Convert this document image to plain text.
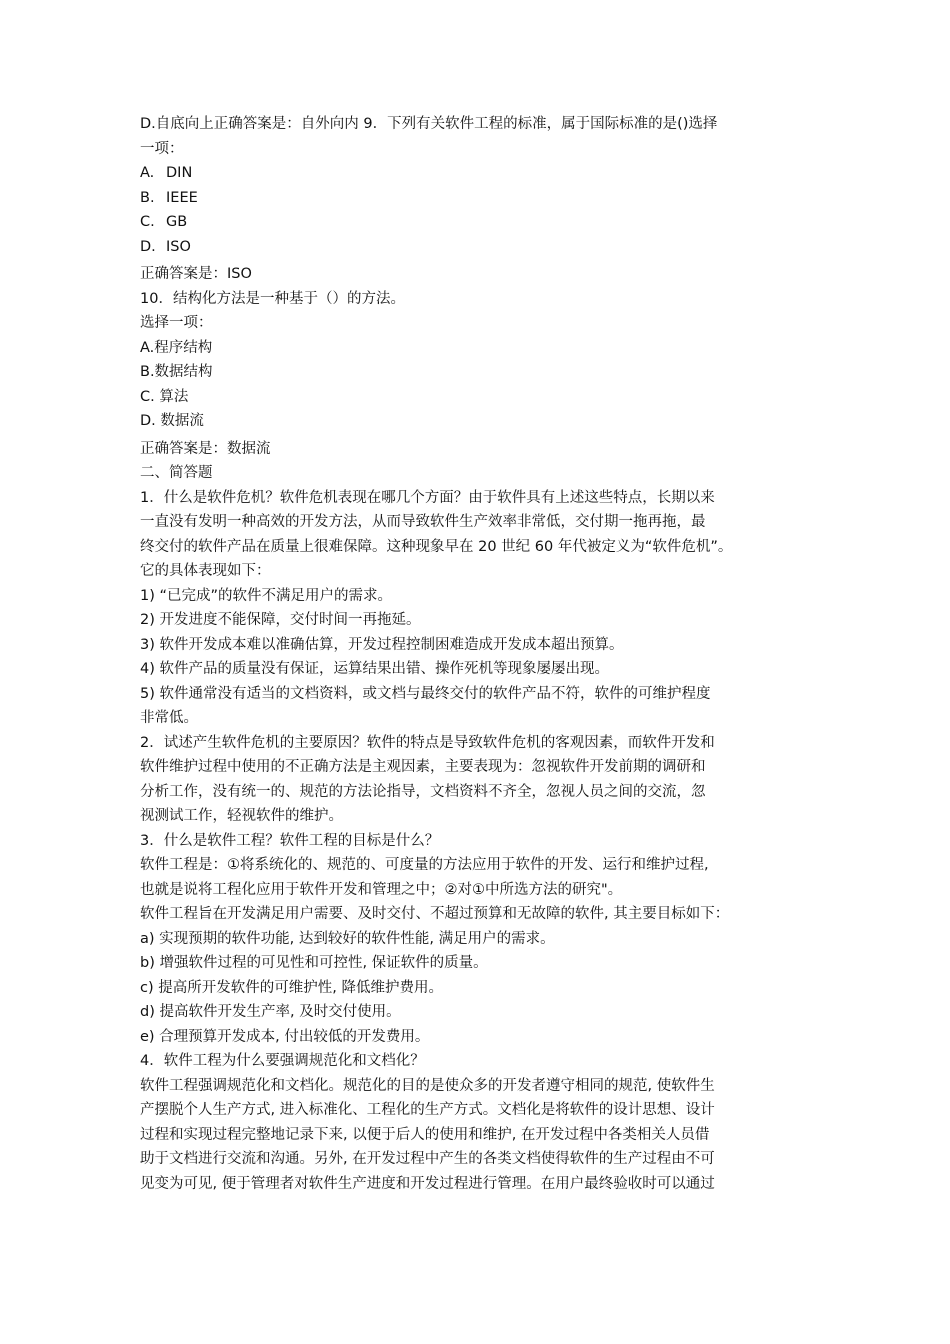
D.自底向上正确答案是：自外向内 9．下列有关软件工程的标准，属于国际标准的是()选择

一项：

A. DIN

B. IEEE

C. GB

D. ISO

正确答案是：ISO

10．结构化方法是一种基于（）的方法。

选择一项：

A.程序结构

B.数据结构

C. 算法

D. 数据流

正确答案是：数据流

二、简答题

1．什么是软件危机？软件危机表现在哪几个方面？由于软件具有上述这些特点，长期以来

一直没有发明一种高效的开发方法，从而导致软件生产效率非常低，交付期一拖再拖，最

终交付的软件产品在质量上很难保障。这种现象早在 20 世纪 60 年代被定义为“软件危机”。

它的具体表现如下：

1) “已完成”的软件不满足用户的需求。

2) 开发进度不能保障，交付时间一再拖延。

3) 软件开发成本难以准确估算，开发过程控制困难造成开发成本超出预算。

4) 软件产品的质量没有保证，运算结果出错、操作死机等现象屡屡出现。

5) 软件通常没有适当的文档资料，或文档与最终交付的软件产品不符，软件的可维护程度

非常低。

2．试述产生软件危机的主要原因？软件的特点是导致软件危机的客观因素，而软件开发和

软件维护过程中使用的不正确方法是主观因素，主要表现为：忽视软件开发前期的调研和

分析工作，没有统一的、规范的方法论指导，文档资料不齐全，忽视人员之间的交流，忽

视测试工作，轻视软件的维护。

3．什么是软件工程？软件工程的目标是什么？

软件工程是：①将系统化的、规范的、可度量的方法应用于软件的开发、运行和维护过程,

也就是说将工程化应用于软件开发和管理之中；②对①中所选方法的研究"。

软件工程旨在开发满足用户需要、及时交付、不超过预算和无故障的软件, 其主要目标如下：

a) 实现预期的软件功能, 达到较好的软件性能, 满足用户的需求。

b) 增强软件过程的可见性和可控性, 保证软件的质量。

c) 提高所开发软件的可维护性, 降低维护费用。

d) 提高软件开发生产率, 及时交付使用。

e) 合理预算开发成本, 付出较低的开发费用。

4．软件工程为什么要强调规范化和文档化？

软件工程强调规范化和文档化。规范化的目的是使众多的开发者遵守相同的规范, 使软件生

产摆脱个人生产方式, 进入标准化、工程化的生产方式。文档化是将软件的设计思想、设计

过程和实现过程完整地记录下来, 以便于后人的使用和维护, 在开发过程中各类相关人员借

助于文档进行交流和沟通。另外, 在开发过程中产生的各类文档使得软件的生产过程由不可

见变为可见, 便于管理者对软件生产进度和开发过程进行管理。在用户最终验收时可以通过
